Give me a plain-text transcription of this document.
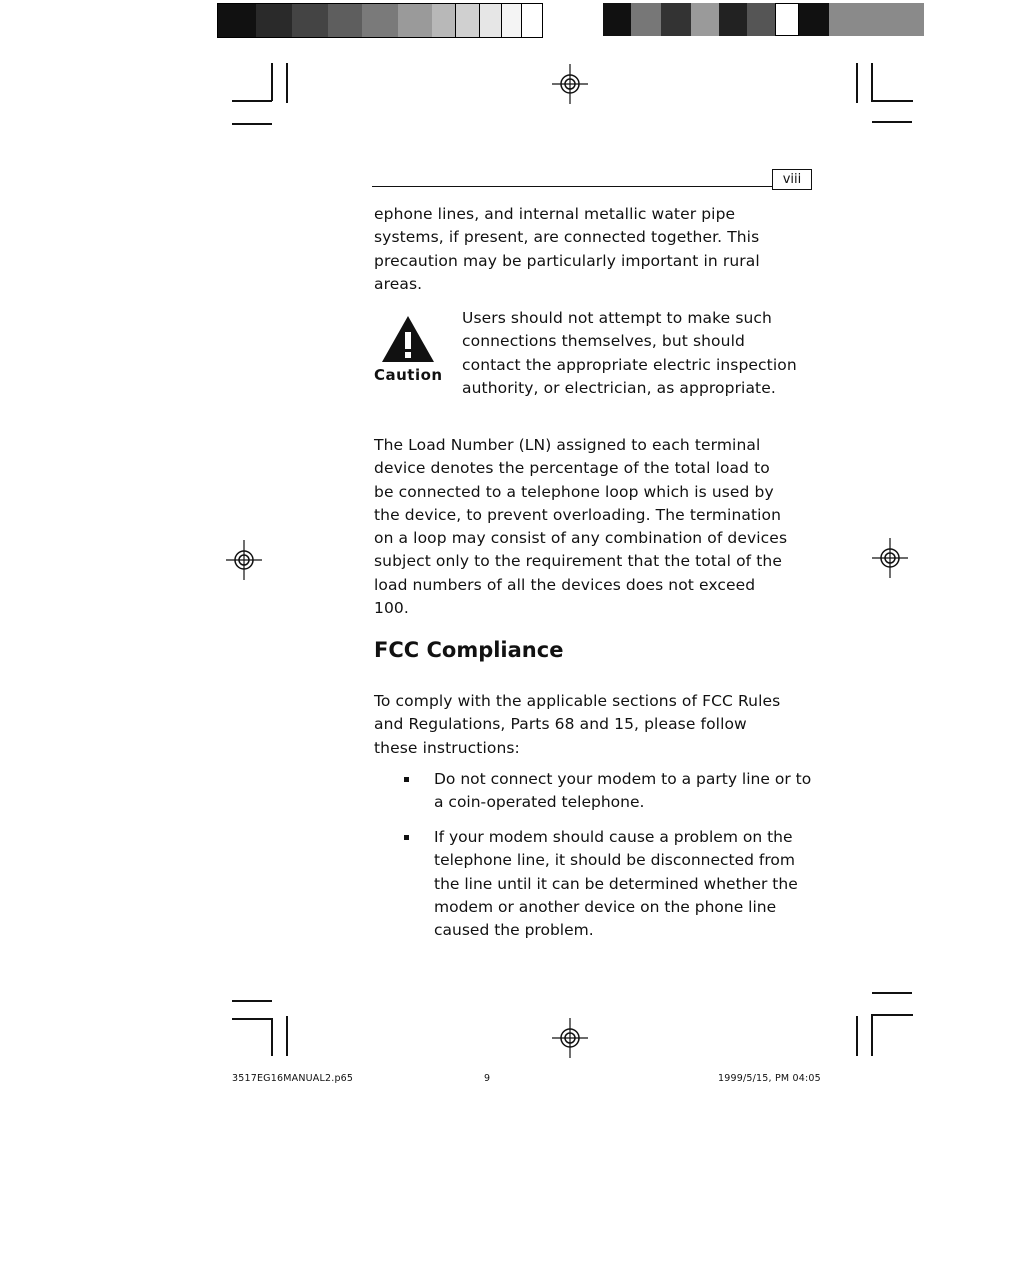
viii
ephone lines, and internal metallic water pipe systems, if present, are connected together. This precaution may be particularly important in rural areas.
Caution
Users should not attempt to make such connections themselves, but should contact the appropriate electric inspection authority, or electrician, as appropriate.
The Load Number (LN) assigned to each terminal device denotes the percentage of the total load to be connected to a telephone loop which is used by the device, to prevent overloading. The termination on a loop may consist of any combination of devices subject only to the requirement that the total of the load numbers of all the devices does not exceed 100.
FCC Compliance
To comply with the applicable sections of FCC Rules and Regulations, Parts 68 and 15, please follow these instructions:
Do not connect your modem to a party line or to a coin-operated telephone.
If your modem should cause a problem on the telephone line, it should be disconnected from the line until it can be determined whether the modem or another device on the phone line caused the problem.
3517EG16MANUAL2.p65	9	1999/5/15, PM 04:05
